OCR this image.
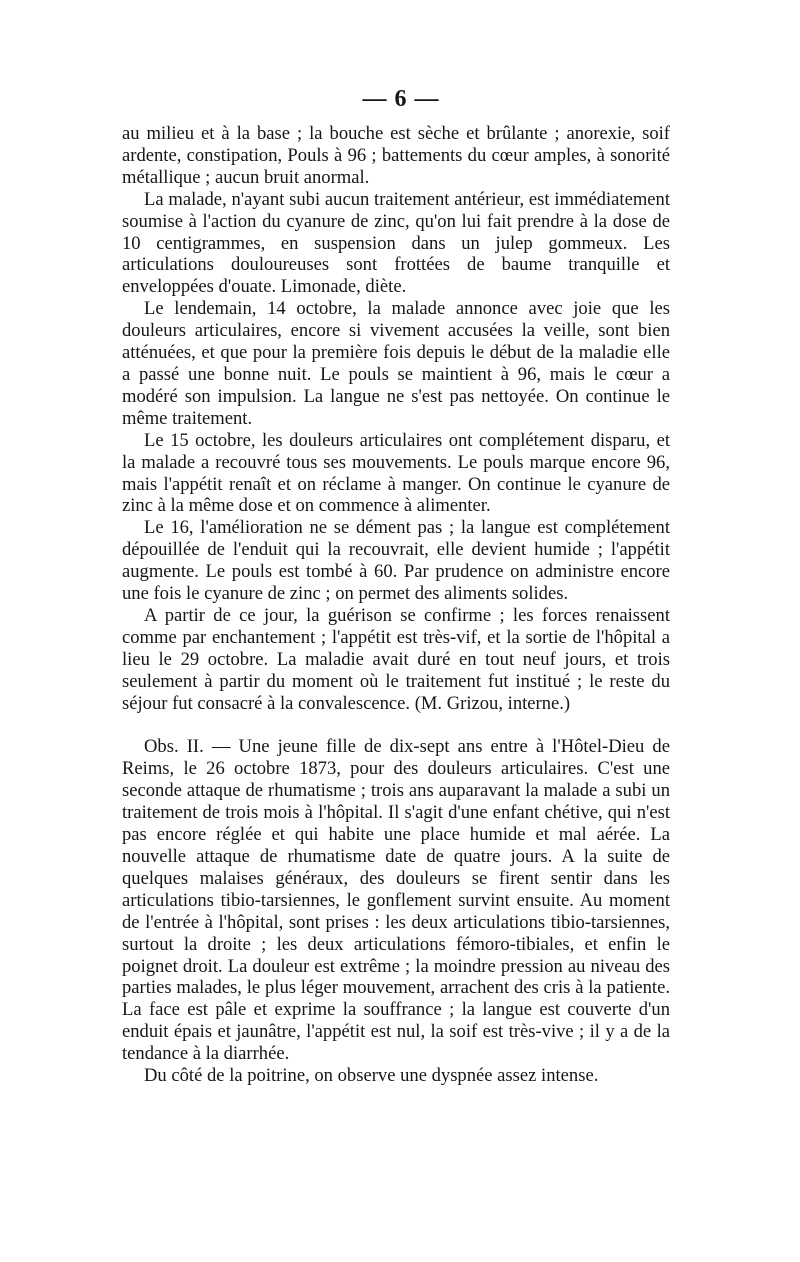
— 6 —

au milieu et à la base ; la bouche est sèche et brûlante ; anorexie, soif ardente, constipation, Pouls à 96 ; battements du cœur amples, à sonorité métallique ; aucun bruit anormal.

La malade, n'ayant subi aucun traitement antérieur, est immédiatement soumise à l'action du cyanure de zinc, qu'on lui fait prendre à la dose de 10 centigrammes, en suspension dans un julep gommeux. Les articulations douloureuses sont frottées de baume tranquille et enveloppées d'ouate. Limonade, diète.

Le lendemain, 14 octobre, la malade annonce avec joie que les douleurs articulaires, encore si vivement accusées la veille, sont bien atténuées, et que pour la première fois depuis le début de la maladie elle a passé une bonne nuit. Le pouls se maintient à 96, mais le cœur a modéré son impulsion. La langue ne s'est pas nettoyée. On continue le même traitement.

Le 15 octobre, les douleurs articulaires ont complétement disparu, et la malade a recouvré tous ses mouvements. Le pouls marque encore 96, mais l'appétit renaît et on réclame à manger. On continue le cyanure de zinc à la même dose et on commence à alimenter.

Le 16, l'amélioration ne se dément pas ; la langue est complétement dépouillée de l'enduit qui la recouvrait, elle devient humide ; l'appétit augmente. Le pouls est tombé à 60. Par prudence on administre encore une fois le cyanure de zinc ; on permet des aliments solides.

A partir de ce jour, la guérison se confirme ; les forces renaissent comme par enchantement ; l'appétit est très-vif, et la sortie de l'hôpital a lieu le 29 octobre. La maladie avait duré en tout neuf jours, et trois seulement à partir du moment où le traitement fut institué ; le reste du séjour fut consacré à la convalescence. (M. Grizou, interne.)

Obs. II. — Une jeune fille de dix-sept ans entre à l'Hôtel-Dieu de Reims, le 26 octobre 1873, pour des douleurs articulaires. C'est une seconde attaque de rhumatisme ; trois ans auparavant la malade a subi un traitement de trois mois à l'hôpital. Il s'agit d'une enfant chétive, qui n'est pas encore réglée et qui habite une place humide et mal aérée. La nouvelle attaque de rhumatisme date de quatre jours. A la suite de quelques malaises généraux, des douleurs se firent sentir dans les articulations tibio-tarsiennes, le gonflement survint ensuite. Au moment de l'entrée à l'hôpital, sont prises : les deux articulations tibio-tarsiennes, surtout la droite ; les deux articulations fémoro-tibiales, et enfin le poignet droit. La douleur est extrême ; la moindre pression au niveau des parties malades, le plus léger mouvement, arrachent des cris à la patiente. La face est pâle et exprime la souffrance ; la langue est couverte d'un enduit épais et jaunâtre, l'appétit est nul, la soif est très-vive ; il y a de la tendance à la diarrhée.

Du côté de la poitrine, on observe une dyspnée assez intense.
